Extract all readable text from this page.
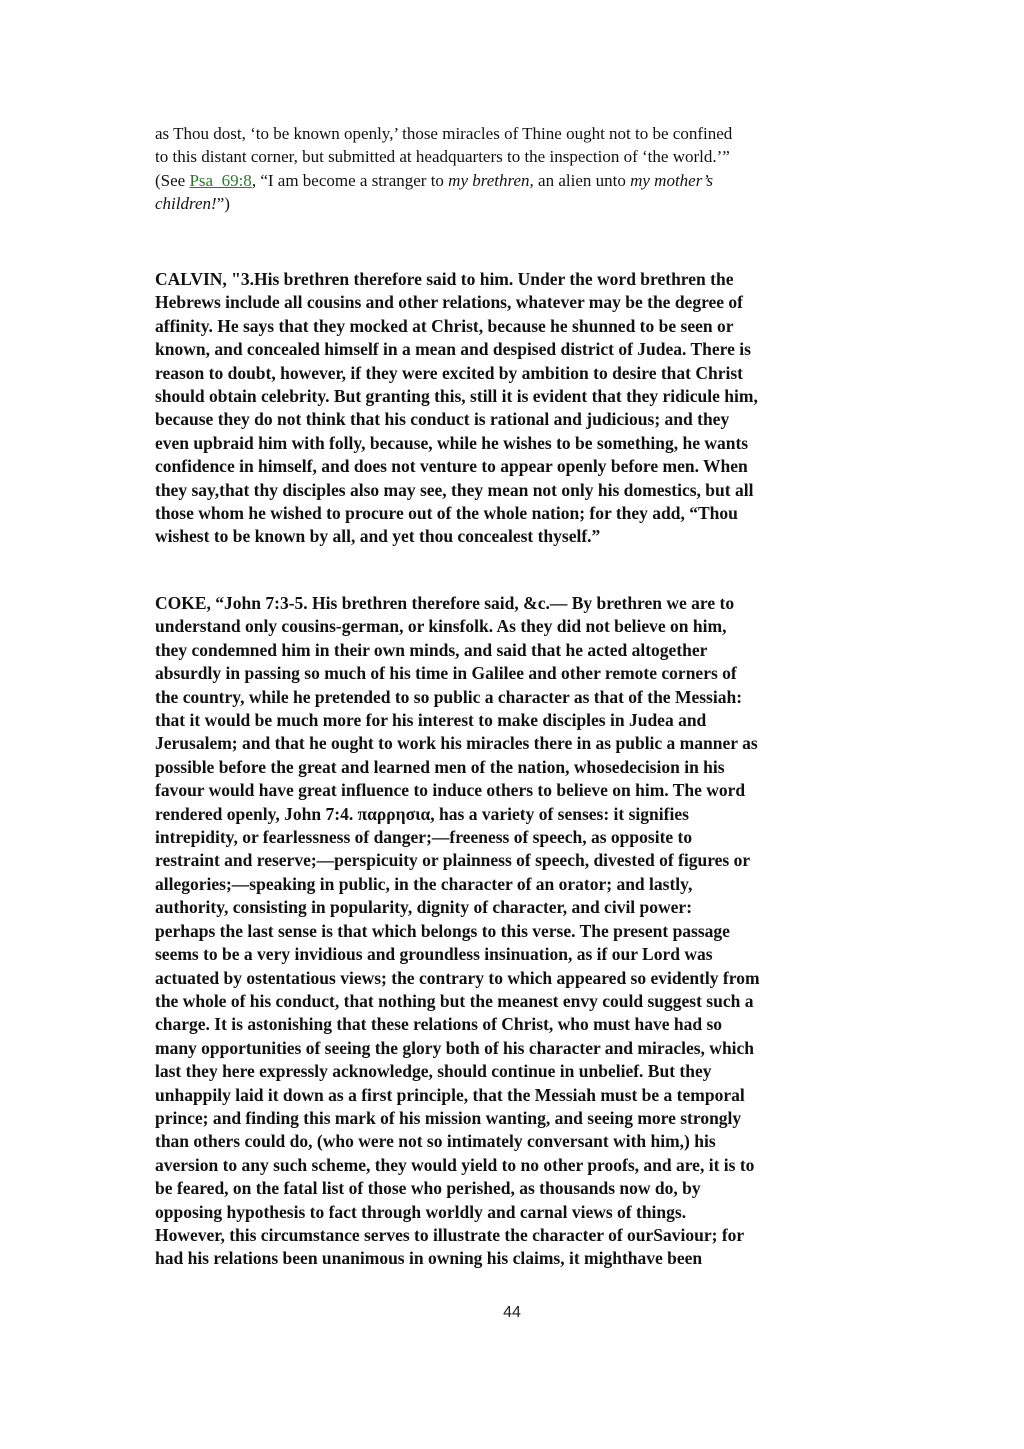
as Thou dost, ‘to be known openly,’ those miracles of Thine ought not to be confined
to this distant corner, but submitted at headquarters to the inspection of ‘the world.’”
(See Psa_69:8, “I am become a stranger to my brethren, an alien unto my mother’s
children!”)
CALVIN, "3.His brethren therefore said to him. Under the word brethren the
Hebrews include all cousins and other relations, whatever may be the degree of
affinity. He says that they mocked at Christ, because he shunned to be seen or
known, and concealed himself in a mean and despised district of Judea. There is
reason to doubt, however, if they were excited by ambition to desire that Christ
should obtain celebrity. But granting this, still it is evident that they ridicule him,
because they do not think that his conduct is rational and judicious; and they
even upbraid him with folly, because, while he wishes to be something, he wants
confidence in himself, and does not venture to appear openly before men. When
they say,that thy disciples also may see, they mean not only his domestics, but all
those whom he wished to procure out of the whole nation; for they add, “Thou
wishest to be known by all, and yet thou concealest thyself.”
COKE, “John 7:3-5. His brethren therefore said, &c.— By brethren we are to
understand only cousins-german, or kinsfolk. As they did not believe on him,
they condemned him in their own minds, and said that he acted altogether
absurdly in passing so much of his time in Galilee and other remote corners of
the country, while he pretended to so public a character as that of the Messiah:
that it would be much more for his interest to make disciples in Judea and
Jerusalem; and that he ought to work his miracles there in as public a manner as
possible before the great and learned men of the nation, whosedecision in his
favour would have great influence to induce others to believe on him. The word
rendered openly, John 7:4. παρρησια, has a variety of senses: it signifies
intrepidity, or fearlessness of danger;—freeness of speech, as opposite to
restraint and reserve;—perspicuity or plainness of speech, divested of figures or
allegories;—speaking in public, in the character of an orator; and lastly,
authority, consisting in popularity, dignity of character, and civil power:
perhaps the last sense is that which belongs to this verse. The present passage
seems to be a very invidious and groundless insinuation, as if our Lord was
actuated by ostentatious views; the contrary to which appeared so evidently from
the whole of his conduct, that nothing but the meanest envy could suggest such a
charge. It is astonishing that these relations of Christ, who must have had so
many opportunities of seeing the glory both of his character and miracles, which
last they here expressly acknowledge, should continue in unbelief. But they
unhappily laid it down as a first principle, that the Messiah must be a temporal
prince; and finding this mark of his mission wanting, and seeing more strongly
than others could do, (who were not so intimately conversant with him,) his
aversion to any such scheme, they would yield to no other proofs, and are, it is to
be feared, on the fatal list of those who perished, as thousands now do, by
opposing hypothesis to fact through worldly and carnal views of things.
However, this circumstance serves to illustrate the character of ourSaviour; for
had his relations been unanimous in owning his claims, it mighthave been
44
